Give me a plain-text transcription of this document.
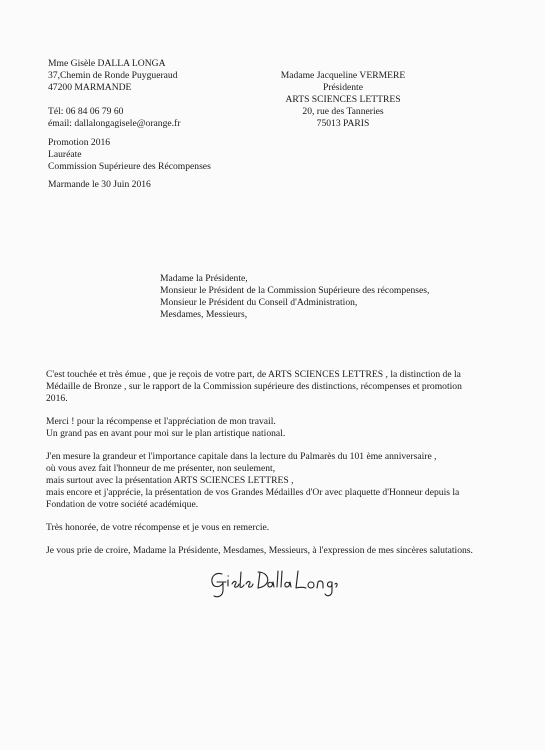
Mme Gisèle DALLA LONGA
37,Chemin de Ronde Puygueraud
47200 MARMANDE

Tél: 06 84 06 79 60
émail: dallalongagisele@orange.fr
Madame Jacqueline VERMERE
Présidente
ARTS SCIENCES LETTRES
20, rue des Tanneries
75013 PARIS
Promotion 2016
Lauréate
Commission Supérieure des Récompenses
Marmande le 30 Juin 2016
Madame la Présidente,
Monsieur le Président de la Commission Supérieure des récompenses,
Monsieur le Président du Conseil d'Administration,
Mesdames, Messieurs,
C'est touchée et très émue , que je reçois de votre part, de ARTS SCIENCES LETTRES , la distinction de la
Médaille de Bronze , sur le rapport de la Commission supérieure des distinctions, récompenses et promotion
2016.
Merci ! pour la récompense et l'appréciation de mon travail.
Un grand pas en avant pour moi sur le plan artistique national.
J'en mesure la grandeur et l'importance capitale dans la lecture du Palmarès du 101 ème anniversaire ,
où vous avez fait l'honneur de me présenter, non seulement,
mais surtout avec la présentation ARTS SCIENCES LETTRES ,
mais encore et j'apprécie, la présentation de vos Grandes Médailles d'Or avec plaquette d'Honneur depuis la
Fondation de votre société académique.
Très honorée, de votre récompense et je vous en remercie.
Je vous prie de croire, Madame la Présidente, Mesdames, Messieurs, à l'expression de mes sincères salutations.
